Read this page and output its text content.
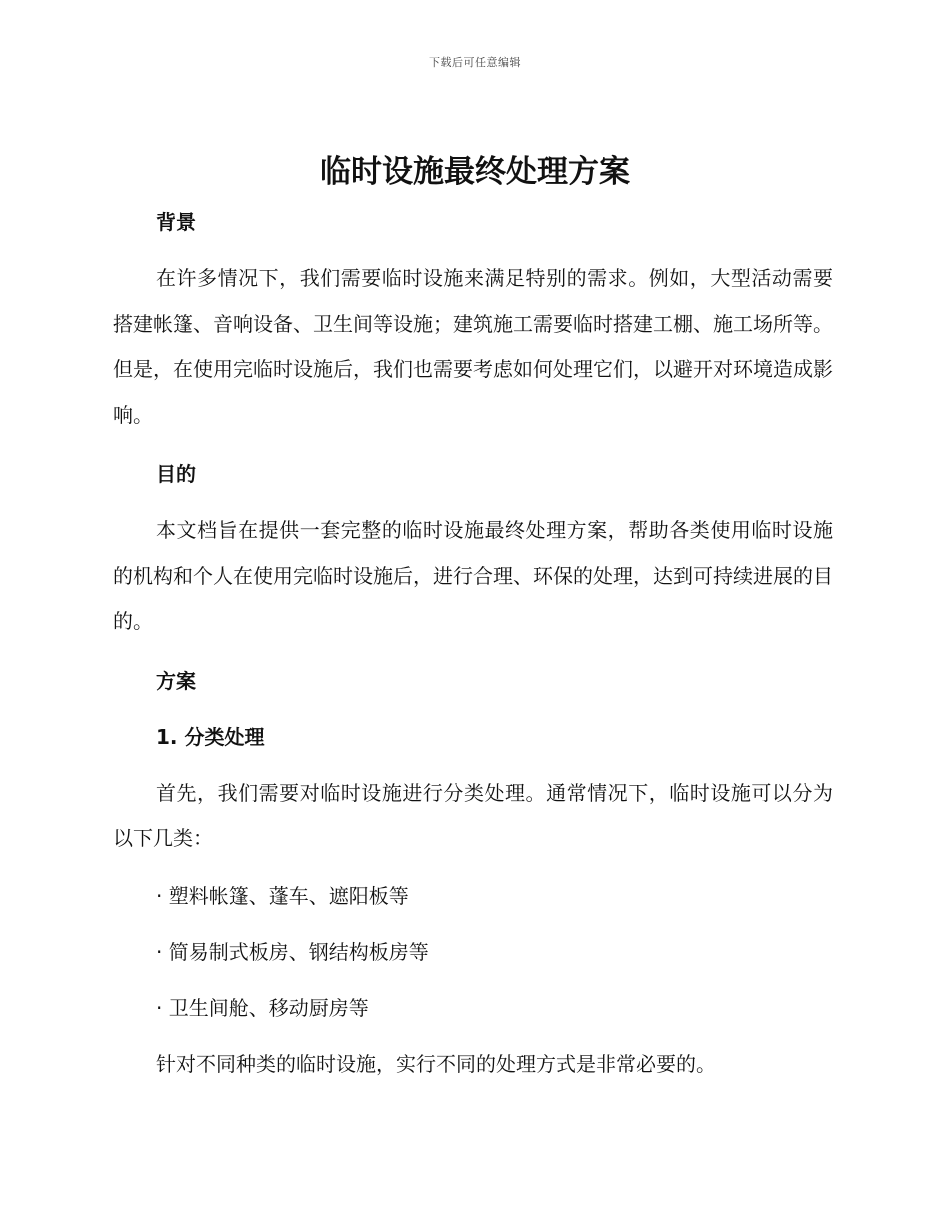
下载后可任意编辑
临时设施最终处理方案
背景

在许多情况下，我们需要临时设施来满足特别的需求。例如，大型活动需要搭建帐篷、音响设备、卫生间等设施；建筑施工需要临时搭建工棚、施工场所等。但是，在使用完临时设施后，我们也需要考虑如何处理它们，以避开对环境造成影响。

目的

本文档旨在提供一套完整的临时设施最终处理方案，帮助各类使用临时设施的机构和个人在使用完临时设施后，进行合理、环保的处理，达到可持续进展的目的。

方案
1. 分类处理

首先，我们需要对临时设施进行分类处理。通常情况下，临时设施可以分为以下几类：

· 塑料帐篷、蓬车、遮阳板等

· 简易制式板房、钢结构板房等

· 卫生间舱、移动厨房等

针对不同种类的临时设施，实行不同的处理方式是非常必要的。
